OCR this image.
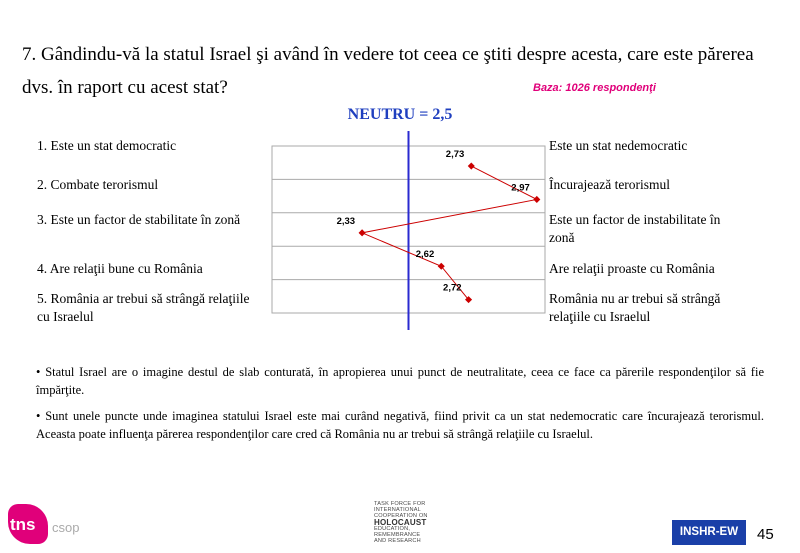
7. Gândindu-vă la statul Israel şi având în vedere tot ceea ce ştiti despre acesta, care este părerea dvs. în raport cu acest stat?	Baza: 1026 respondenţi
NEUTRU = 2,5
1. Este un stat democratic
2. Combate terorismul
3. Este un factor de stabilitate în zonă
4. Are relaţii bune cu România
5. România ar trebui să strângă relaţiile cu Israelul
Este un stat nedemocratic
Încurajează terorismul
Este un factor de instabilitate în zonă
Are relaţii proaste cu România
România nu ar trebui să strângă relaţiile cu Israelul
2,73
2,97
2,33
2,62
2,72

• Statul Israel are o imagine destul de slab conturată, în apropierea unui punct de neutralitate, ceea ce face ca părerile respondenţilor să fie împărţite.

• Sunt unele puncte unde imaginea statului Israel este mai curând negativă, fiind privit ca un stat nedemocratic care încurajează terorismul. Aceasta poate influenţa părerea respondenţilor care cred că România nu ar trebui să strângă relaţiile cu Israelul.

tns csop
TASK FORCE FOR
INTERNATIONAL
COOPERATION ON
HOLOCAUST
EDUCATION,
REMEMBRANCE
AND RESEARCH
INSHR-EW	45
